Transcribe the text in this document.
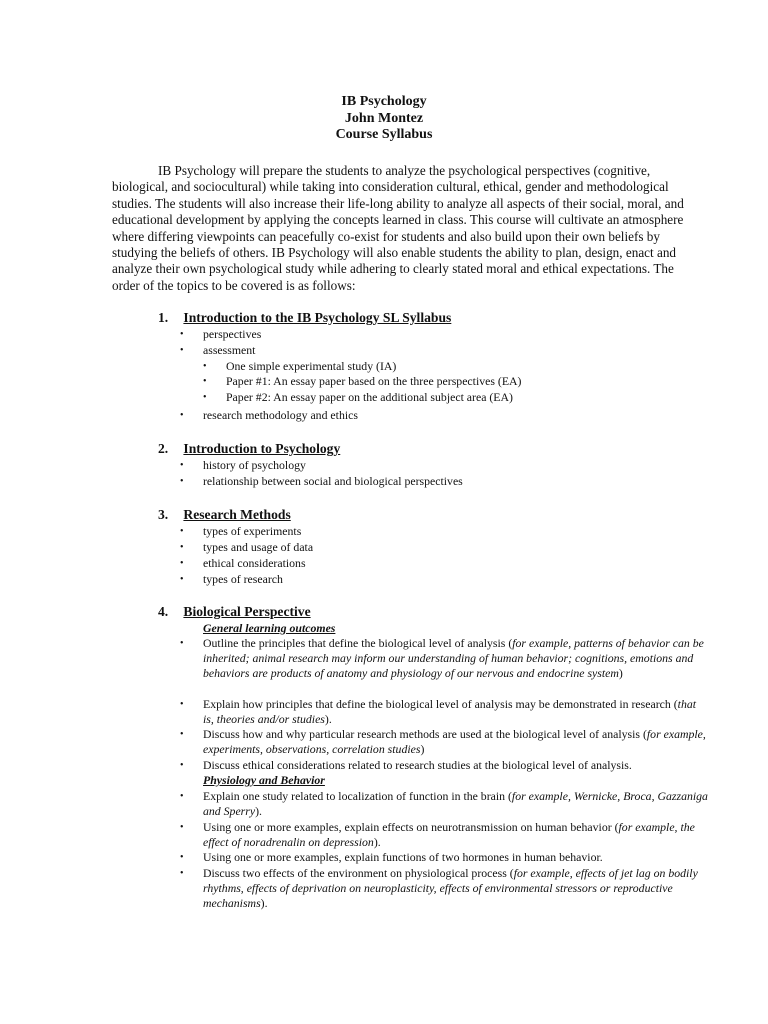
IB Psychology
John Montez
Course Syllabus

IB Psychology will prepare the students to analyze the psychological perspectives (cognitive, biological, and sociocultural) while taking into consideration cultural, ethical, gender and methodological studies. The students will also increase their life-long ability to analyze all aspects of their social, moral, and educational development by applying the concepts learned in class. This course will cultivate an atmosphere where differing viewpoints can peacefully co-exist for students and also build upon their own beliefs by studying the beliefs of others. IB Psychology will also enable students the ability to plan, design, enact and analyze their own psychological study while adhering to clearly stated moral and ethical expectations. The order of the topics to be covered is as follows:

1. Introduction to the IB Psychology SL Syllabus
• perspectives
• assessment
• One simple experimental study (IA)
• Paper #1: An essay paper based on the three perspectives (EA)
• Paper #2: An essay paper on the additional subject area (EA)
• research methodology and ethics
2. Introduction to Psychology
• history of psychology
• relationship between social and biological perspectives
3. Research Methods
• types of experiments
• types and usage of data
• ethical considerations
• types of research
4. Biological Perspective
General learning outcomes
• Outline the principles that define the biological level of analysis (for example, patterns of behavior can be inherited; animal research may inform our understanding of human behavior; cognitions, emotions and behaviors are products of anatomy and physiology of our nervous and endocrine system)
• Explain how principles that define the biological level of analysis may be demonstrated in research (that is, theories and/or studies).
• Discuss how and why particular research methods are used at the biological level of analysis (for example, experiments, observations, correlation studies)
• Discuss ethical considerations related to research studies at the biological level of analysis.
Physiology and Behavior
• Explain one study related to localization of function in the brain (for example, Wernicke, Broca, Gazzaniga and Sperry).
• Using one or more examples, explain effects on neurotransmission on human behavior (for example, the effect of noradrenalin on depression).
• Using one or more examples, explain functions of two hormones in human behavior.
• Discuss two effects of the environment on physiological process (for example, effects of jet lag on bodily rhythms, effects of deprivation on neuroplasticity, effects of environmental stressors or reproductive mechanisms).
